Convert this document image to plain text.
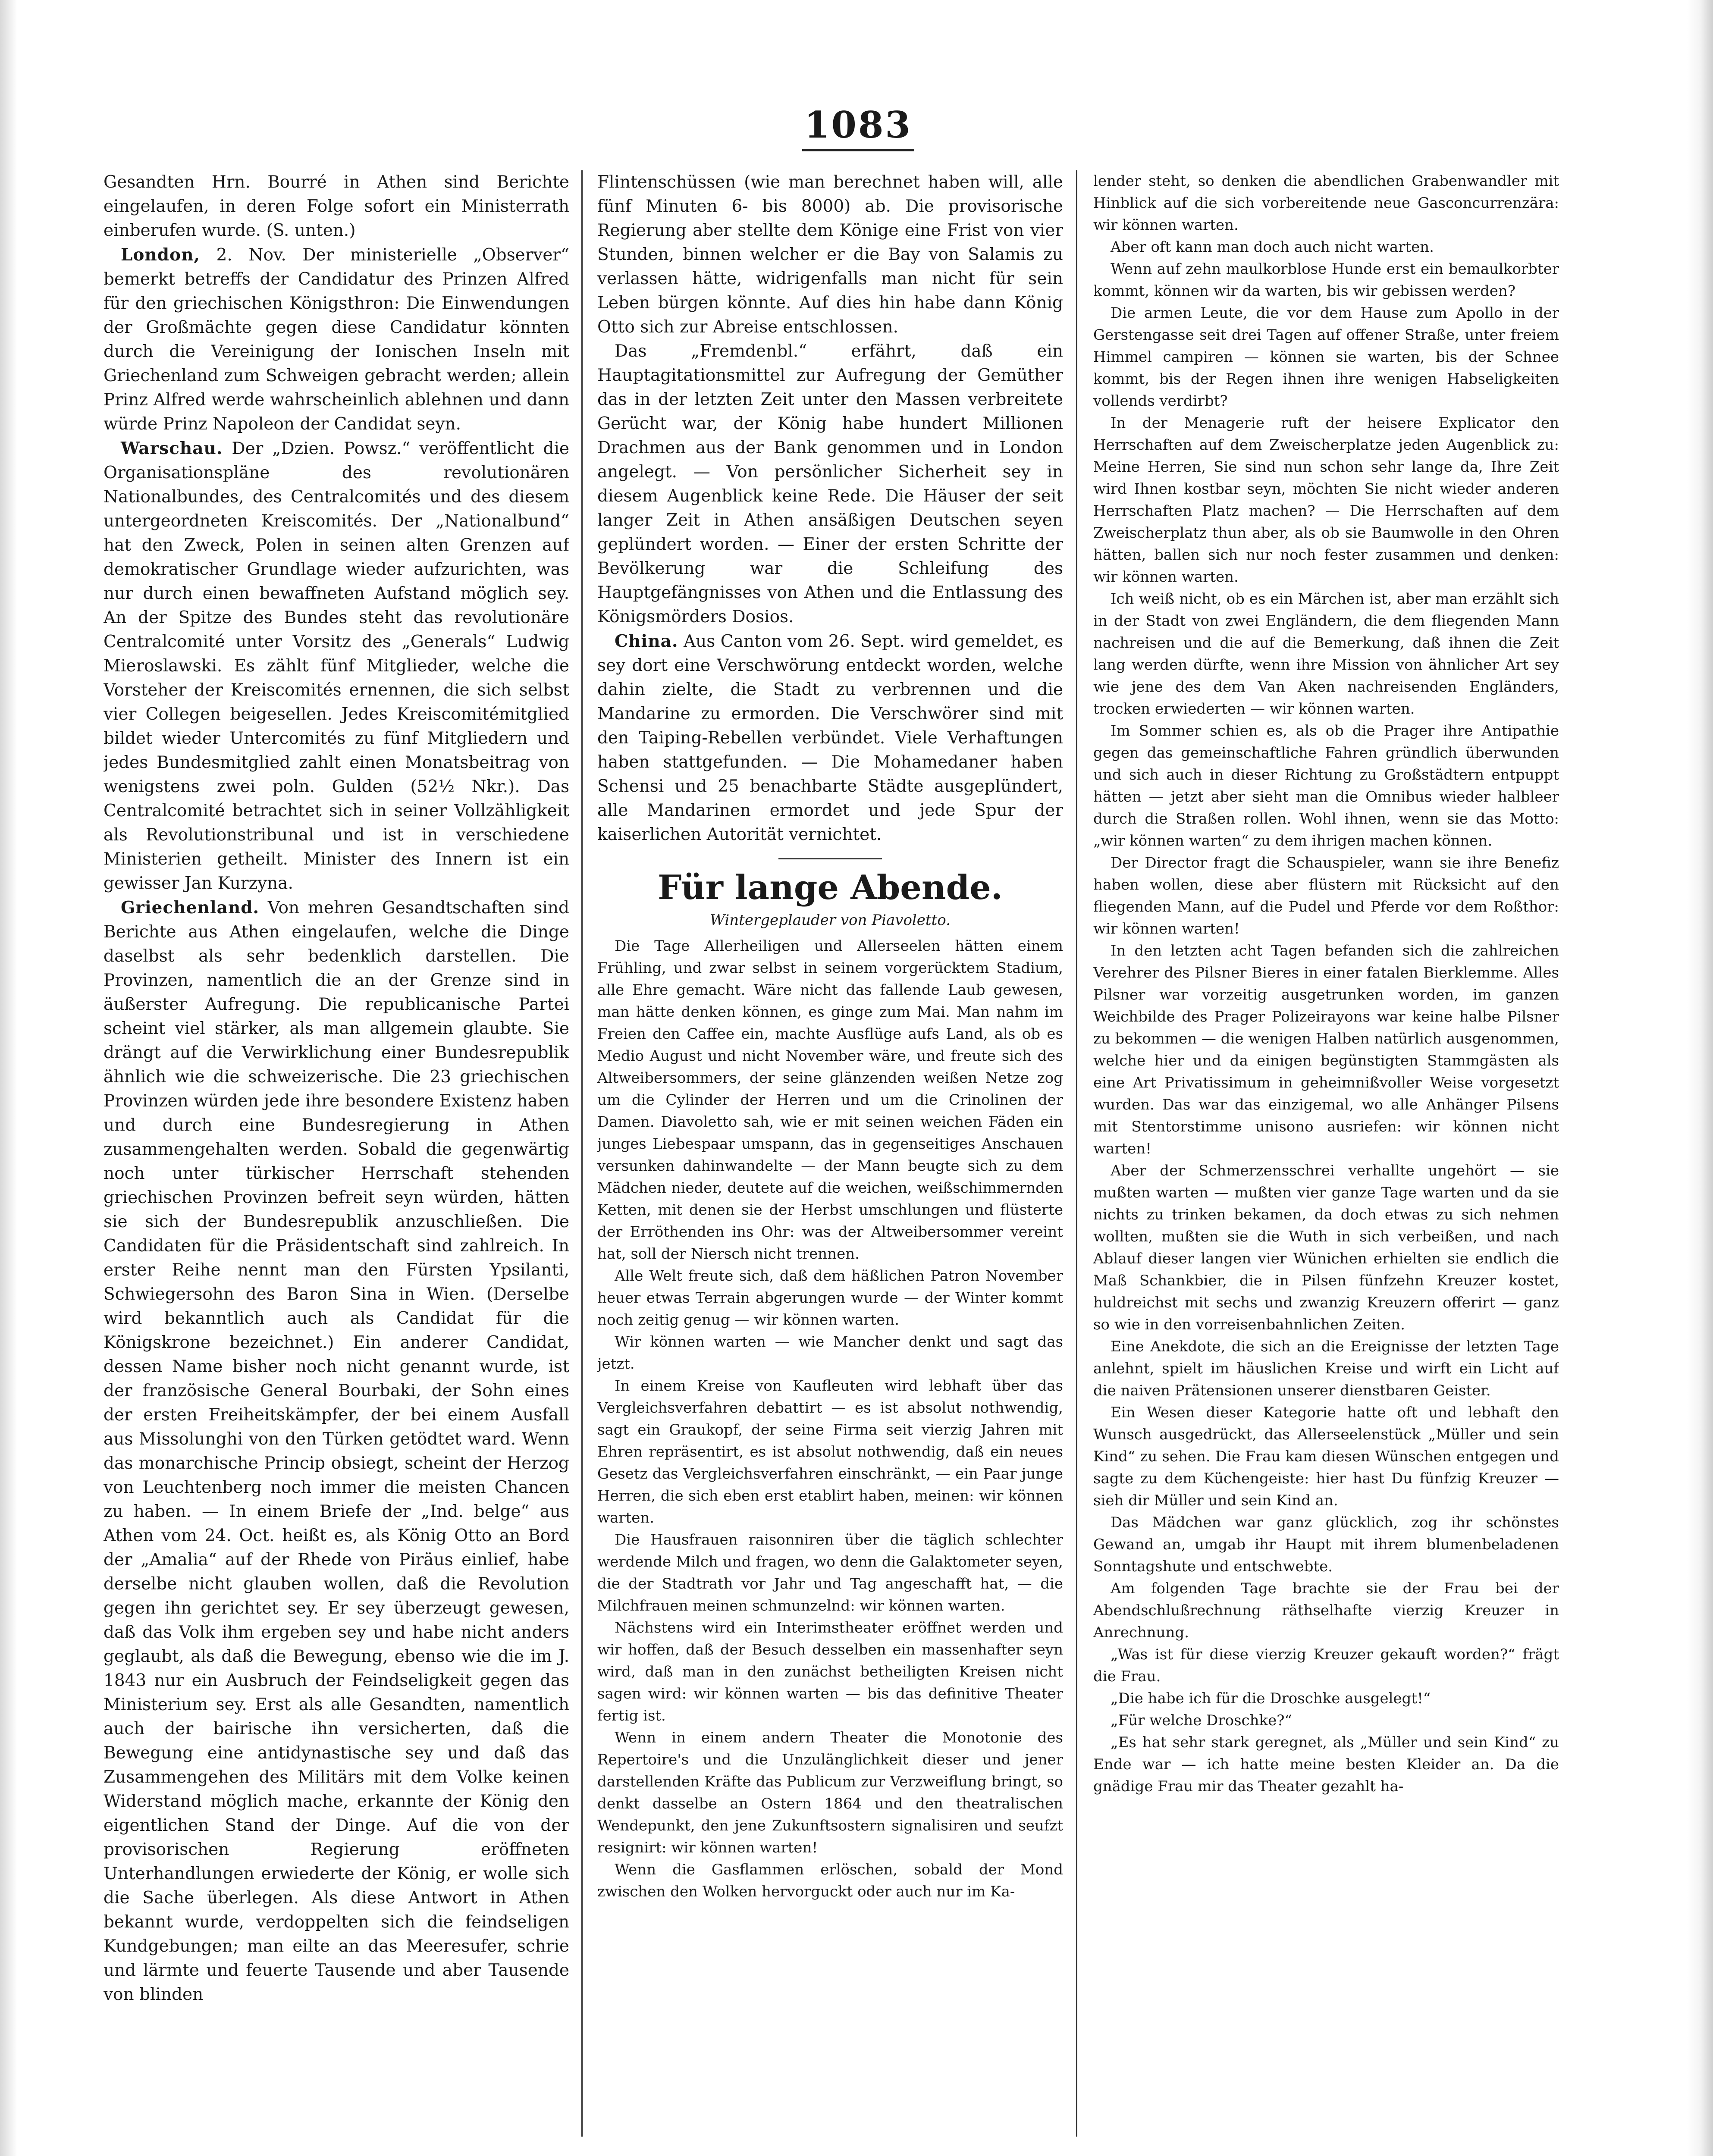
1083

Gesandten Hrn. Bourré in Athen sind Berichte eingelaufen, in deren Folge sofort ein Ministerrath einberufen wurde. (S. unten.)

London, 2. Nov. Der ministerielle „Observer“ bemerkt betreffs der Candidatur des Prinzen Alfred für den griechischen Königsthron: Die Einwendungen der Großmächte gegen diese Candidatur könnten durch die Vereinigung der Ionischen Inseln mit Griechenland zum Schweigen gebracht werden; allein Prinz Alfred werde wahrscheinlich ablehnen und dann würde Prinz Napoleon der Candidat seyn.

Warschau. Der „Dzien. Powsz.“ veröffentlicht die Organisationspläne des revolutionären Nationalbundes, des Centralcomités und des diesem untergeordneten Kreiscomités. Der „Nationalbund“ hat den Zweck, Polen in seinen alten Grenzen auf demokratischer Grundlage wieder aufzurichten, was nur durch einen bewaffneten Aufstand möglich sey. An der Spitze des Bundes steht das revolutionäre Centralcomité unter Vorsitz des „Generals“ Ludwig Mieroslawski. Es zählt fünf Mitglieder, welche die Vorsteher der Kreiscomités ernennen, die sich selbst vier Collegen beigesellen. Jedes Kreiscomitémitglied bildet wieder Untercomités zu fünf Mitgliedern und jedes Bundesmitglied zahlt einen Monatsbeitrag von wenigstens zwei poln. Gulden (52½ Nkr.). Das Centralcomité betrachtet sich in seiner Vollzähligkeit als Revolutionstribunal und ist in verschiedene Ministerien getheilt. Minister des Innern ist ein gewisser Jan Kurzyna.

Griechenland. Von mehren Gesandtschaften sind Berichte aus Athen eingelaufen, welche die Dinge daselbst als sehr bedenklich darstellen. Die Provinzen, namentlich die an der Grenze sind in äußerster Aufregung. Die republicanische Partei scheint viel stärker, als man allgemein glaubte. Sie drängt auf die Verwirklichung einer Bundesrepublik ähnlich wie die schweizerische. Die 23 griechischen Provinzen würden jede ihre besondere Existenz haben und durch eine Bundesregierung in Athen zusammengehalten werden. Sobald die gegenwärtig noch unter türkischer Herrschaft stehenden griechischen Provinzen befreit seyn würden, hätten sie sich der Bundesrepublik anzuschließen. Die Candidaten für die Präsidentschaft sind zahlreich. In erster Reihe nennt man den Fürsten Ypsilanti, Schwiegersohn des Baron Sina in Wien. (Derselbe wird bekanntlich auch als Candidat für die Königskrone bezeichnet.) Ein anderer Candidat, dessen Name bisher noch nicht genannt wurde, ist der französische General Bourbaki, der Sohn eines der ersten Freiheitskämpfer, der bei einem Ausfall aus Missolunghi von den Türken getödtet ward. Wenn das monarchische Princip obsiegt, scheint der Herzog von Leuchtenberg noch immer die meisten Chancen zu haben. — In einem Briefe der „Ind. belge“ aus Athen vom 24. Oct. heißt es, als König Otto an Bord der „Amalia“ auf der Rhede von Piräus einlief, habe derselbe nicht glauben wollen, daß die Revolution gegen ihn gerichtet sey. Er sey überzeugt gewesen, daß das Volk ihm ergeben sey und habe nicht anders geglaubt, als daß die Bewegung, ebenso wie die im J. 1843 nur ein Ausbruch der Feindseligkeit gegen das Ministerium sey. Erst als alle Gesandten, namentlich auch der bairische ihn versicherten, daß die Bewegung eine antidynastische sey und daß das Zusammengehen des Militärs mit dem Volke keinen Widerstand möglich mache, erkannte der König den eigentlichen Stand der Dinge. Auf die von der provisorischen Regierung eröffneten Unterhandlungen erwiederte der König, er wolle sich die Sache überlegen. Als diese Antwort in Athen bekannt wurde, verdoppelten sich die feindseligen Kundgebungen; man eilte an das Meeresufer, schrie und lärmte und feuerte Tausende und aber Tausende von blinden

Flintenschüssen (wie man berechnet haben will, alle fünf Minuten 6- bis 8000) ab. Die provisorische Regierung aber stellte dem Könige eine Frist von vier Stunden, binnen welcher er die Bay von Salamis zu verlassen hätte, widrigenfalls man nicht für sein Leben bürgen könnte. Auf dies hin habe dann König Otto sich zur Abreise entschlossen.

Das „Fremdenbl.“ erfährt, daß ein Hauptagitationsmittel zur Aufregung der Gemüther das in der letzten Zeit unter den Massen verbreitete Gerücht war, der König habe hundert Millionen Drachmen aus der Bank genommen und in London angelegt. — Von persönlicher Sicherheit sey in diesem Augenblick keine Rede. Die Häuser der seit langer Zeit in Athen ansäßigen Deutschen seyen geplündert worden. — Einer der ersten Schritte der Bevölkerung war die Schleifung des Hauptgefängnisses von Athen und die Entlassung des Königsmörders Dosios.

China. Aus Canton vom 26. Sept. wird gemeldet, es sey dort eine Verschwörung entdeckt worden, welche dahin zielte, die Stadt zu verbrennen und die Mandarine zu ermorden. Die Verschwörer sind mit den Taiping-Rebellen verbündet. Viele Verhaftungen haben stattgefunden. — Die Mohamedaner haben Schensi und 25 benachbarte Städte ausgeplündert, alle Mandarinen ermordet und jede Spur der kaiserlichen Autorität vernichtet.

Für lange Abende.
Wintergeplauder von Piavoletto.

Die Tage Allerheiligen und Allerseelen hätten einem Frühling, und zwar selbst in seinem vorgerücktem Stadium, alle Ehre gemacht. Wäre nicht das fallende Laub gewesen, man hätte denken können, es ginge zum Mai. Man nahm im Freien den Caffee ein, machte Ausflüge aufs Land, als ob es Medio August und nicht November wäre, und freute sich des Altweibersommers, der seine glänzenden weißen Netze zog um die Cylinder der Herren und um die Crinolinen der Damen. Diavoletto sah, wie er mit seinen weichen Fäden ein junges Liebespaar umspann, das in gegenseitiges Anschauen versunken dahinwandelte — der Mann beugte sich zu dem Mädchen nieder, deutete auf die weichen, weißschimmernden Ketten, mit denen sie der Herbst umschlungen und flüsterte der Erröthenden ins Ohr: was der Altweibersommer vereint hat, soll der Niersch nicht trennen.

Alle Welt freute sich, daß dem häßlichen Patron November heuer etwas Terrain abgerungen wurde — der Winter kommt noch zeitig genug — wir können warten.

Wir können warten — wie Mancher denkt und sagt das jetzt.

In einem Kreise von Kaufleuten wird lebhaft über das Vergleichsverfahren debattirt — es ist absolut nothwendig, sagt ein Graukopf, der seine Firma seit vierzig Jahren mit Ehren repräsentirt, es ist absolut nothwendig, daß ein neues Gesetz das Vergleichsverfahren einschränkt, — ein Paar junge Herren, die sich eben erst etablirt haben, meinen: wir können warten.

Die Hausfrauen raisonniren über die täglich schlechter werdende Milch und fragen, wo denn die Galaktometer seyen, die der Stadtrath vor Jahr und Tag angeschafft hat, — die Milchfrauen meinen schmunzelnd: wir können warten.

Nächstens wird ein Interimstheater eröffnet werden und wir hoffen, daß der Besuch desselben ein massenhafter seyn wird, daß man in den zunächst betheiligten Kreisen nicht sagen wird: wir können warten — bis das definitive Theater fertig ist.

Wenn in einem andern Theater die Monotonie des Repertoire's und die Unzulänglichkeit dieser und jener darstellenden Kräfte das Publicum zur Verzweiflung bringt, so denkt dasselbe an Ostern 1864 und den theatralischen Wendepunkt, den jene Zukunftsostern signalisiren und seufzt resignirt: wir können warten!

Wenn die Gasflammen erlöschen, sobald der Mond zwischen den Wolken hervorguckt oder auch nur im Ka-

lender steht, so denken die abendlichen Grabenwandler mit Hinblick auf die sich vorbereitende neue Gasconcurrenzära: wir können warten.

Aber oft kann man doch auch nicht warten.

Wenn auf zehn maulkorblose Hunde erst ein bemaulkorbter kommt, können wir da warten, bis wir gebissen werden?

Die armen Leute, die vor dem Hause zum Apollo in der Gerstengasse seit drei Tagen auf offener Straße, unter freiem Himmel campiren — können sie warten, bis der Schnee kommt, bis der Regen ihnen ihre wenigen Habseligkeiten vollends verdirbt?

In der Menagerie ruft der heisere Explicator den Herrschaften auf dem Zweischerplatze jeden Augenblick zu: Meine Herren, Sie sind nun schon sehr lange da, Ihre Zeit wird Ihnen kostbar seyn, möchten Sie nicht wieder anderen Herrschaften Platz machen? — Die Herrschaften auf dem Zweischerplatz thun aber, als ob sie Baumwolle in den Ohren hätten, ballen sich nur noch fester zusammen und denken: wir können warten.

Ich weiß nicht, ob es ein Märchen ist, aber man erzählt sich in der Stadt von zwei Engländern, die dem fliegenden Mann nachreisen und die auf die Bemerkung, daß ihnen die Zeit lang werden dürfte, wenn ihre Mission von ähnlicher Art sey wie jene des dem Van Aken nachreisenden Engländers, trocken erwiederten — wir können warten.

Im Sommer schien es, als ob die Prager ihre Antipathie gegen das gemeinschaftliche Fahren gründlich überwunden und sich auch in dieser Richtung zu Großstädtern entpuppt hätten — jetzt aber sieht man die Omnibus wieder halbleer durch die Straßen rollen. Wohl ihnen, wenn sie das Motto: „wir können warten“ zu dem ihrigen machen können.

Der Director fragt die Schauspieler, wann sie ihre Benefiz haben wollen, diese aber flüstern mit Rücksicht auf den fliegenden Mann, auf die Pudel und Pferde vor dem Roßthor: wir können warten!

In den letzten acht Tagen befanden sich die zahlreichen Verehrer des Pilsner Bieres in einer fatalen Bierklemme. Alles Pilsner war vorzeitig ausgetrunken worden, im ganzen Weichbilde des Prager Polizeirayons war keine halbe Pilsner zu bekommen — die wenigen Halben natürlich ausgenommen, welche hier und da einigen begünstigten Stammgästen als eine Art Privatissimum in geheimnißvoller Weise vorgesetzt wurden. Das war das einzigemal, wo alle Anhänger Pilsens mit Stentorstimme unisono ausriefen: wir können nicht warten!

Aber der Schmerzensschrei verhallte ungehört — sie mußten warten — mußten vier ganze Tage warten und da sie nichts zu trinken bekamen, da doch etwas zu sich nehmen wollten, mußten sie die Wuth in sich verbeißen, und nach Ablauf dieser langen vier Wünichen erhielten sie endlich die Maß Schankbier, die in Pilsen fünfzehn Kreuzer kostet, huldreichst mit sechs und zwanzig Kreuzern offerirt — ganz so wie in den vorreisenbahnlichen Zeiten.

Eine Anekdote, die sich an die Ereignisse der letzten Tage anlehnt, spielt im häuslichen Kreise und wirft ein Licht auf die naiven Prätensionen unserer dienstbaren Geister.

Ein Wesen dieser Kategorie hatte oft und lebhaft den Wunsch ausgedrückt, das Allerseelenstück „Müller und sein Kind“ zu sehen. Die Frau kam diesen Wünschen entgegen und sagte zu dem Küchengeiste: hier hast Du fünfzig Kreuzer — sieh dir Müller und sein Kind an.

Das Mädchen war ganz glücklich, zog ihr schönstes Gewand an, umgab ihr Haupt mit ihrem blumenbeladenen Sonntagshute und entschwebte.

Am folgenden Tage brachte sie der Frau bei der Abendschlußrechnung räthselhafte vierzig Kreuzer in Anrechnung.

„Was ist für diese vierzig Kreuzer gekauft worden?“ frägt die Frau.

„Die habe ich für die Droschke ausgelegt!“

„Für welche Droschke?“

„Es hat sehr stark geregnet, als „Müller und sein Kind“ zu Ende war — ich hatte meine besten Kleider an. Da die gnädige Frau mir das Theater gezahlt ha-
